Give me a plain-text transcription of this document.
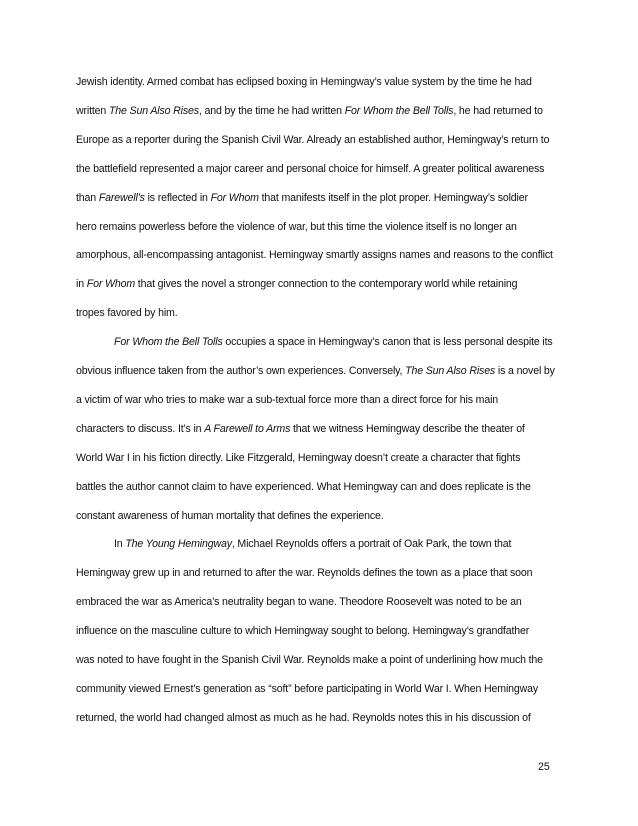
Jewish identity. Armed combat has eclipsed boxing in Hemingway’s value system by the time he had
written The Sun Also Rises, and by the time he had written For Whom the Bell Tolls, he had returned to
Europe as a reporter during the Spanish Civil War. Already an established author, Hemingway’s return to
the battlefield represented a major career and personal choice for himself. A greater political awareness
than Farewell’s is reflected in For Whom that manifests itself in the plot proper. Hemingway’s soldier
hero remains powerless before the violence of war, but this time the violence itself is no longer an
amorphous, all-encompassing antagonist. Hemingway smartly assigns names and reasons to the conflict
in For Whom that gives the novel a stronger connection to the contemporary world while retaining
tropes favored by him.
For Whom the Bell Tolls occupies a space in Hemingway’s canon that is less personal despite its
obvious influence taken from the author’s own experiences. Conversely, The Sun Also Rises is a novel by
a victim of war who tries to make war a sub-textual force more than a direct force for his main
characters to discuss. It’s in A Farewell to Arms that we witness Hemingway describe the theater of
World War I in his fiction directly. Like Fitzgerald, Hemingway doesn’t create a character that fights
battles the author cannot claim to have experienced. What Hemingway can and does replicate is the
constant awareness of human mortality that defines the experience.
In The Young Hemingway, Michael Reynolds offers a portrait of Oak Park, the town that
Hemingway grew up in and returned to after the war. Reynolds defines the town as a place that soon
embraced the war as America’s neutrality began to wane. Theodore Roosevelt was noted to be an
influence on the masculine culture to which Hemingway sought to belong. Hemingway’s grandfather
was noted to have fought in the Spanish Civil War. Reynolds make a point of underlining how much the
community viewed Ernest’s generation as “soft” before participating in World War I. When Hemingway
returned, the world had changed almost as much as he had. Reynolds notes this in his discussion of
25
